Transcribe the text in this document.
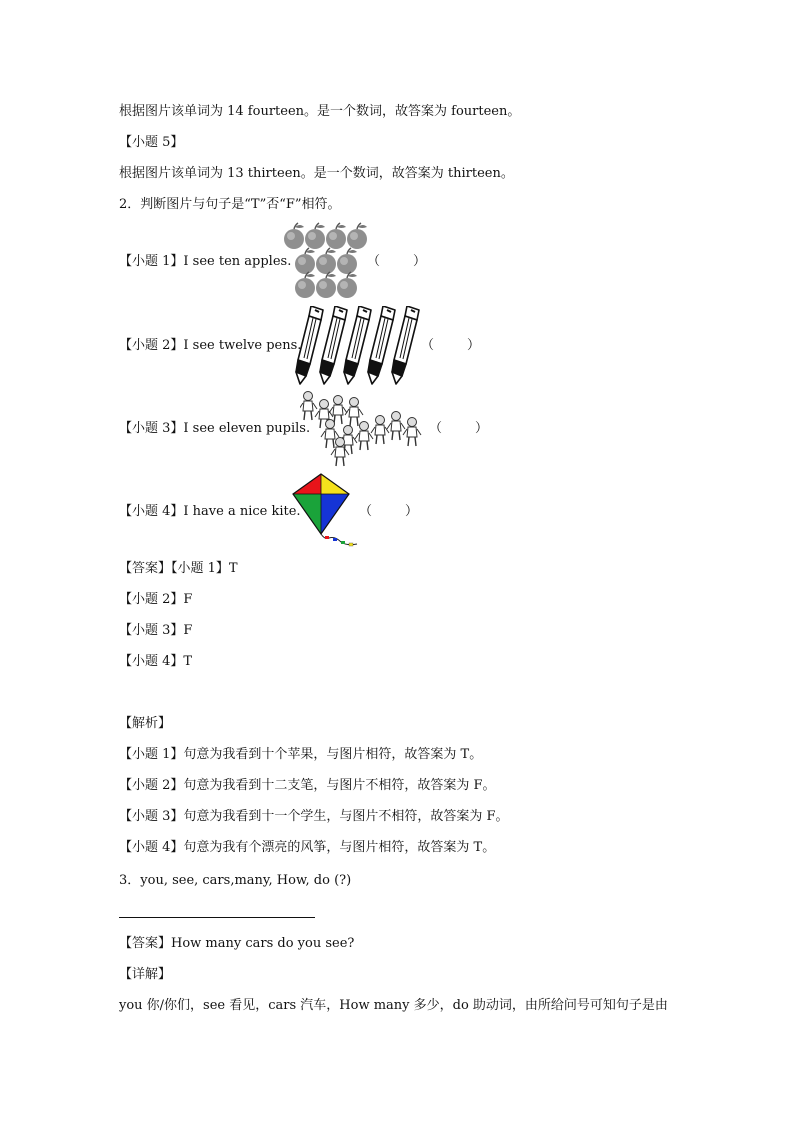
根据图片该单词为 14 fourteen。是一个数词，故答案为 fourteen。
【小题 5】
根据图片该单词为 13 thirteen。是一个数词，故答案为 thirteen。
2．判断图片与句子是“T”否“F”相符。
【小题 1】I see ten apples.	（        ）
【小题 2】I see twelve pens.	（        ）
【小题 3】I see eleven pupils.	（        ）
【小题 4】I have a nice kite.	（        ）
【答案】【小题 1】T
【小题 2】F
【小题 3】F
【小题 4】T
【解析】
【小题 1】句意为我看到十个苹果，与图片相符，故答案为 T。
【小题 2】句意为我看到十二支笔，与图片不相符，故答案为 F。
【小题 3】句意为我看到十一个学生，与图片不相符，故答案为 F。
【小题 4】句意为我有个漂亮的风筝，与图片相符，故答案为 T。
3．you, see, cars,many, How, do (?)
【答案】How many cars do you see?
【详解】
you 你/你们，see 看见，cars 汽车，How many 多少，do 助动词，由所给问号可知句子是由
